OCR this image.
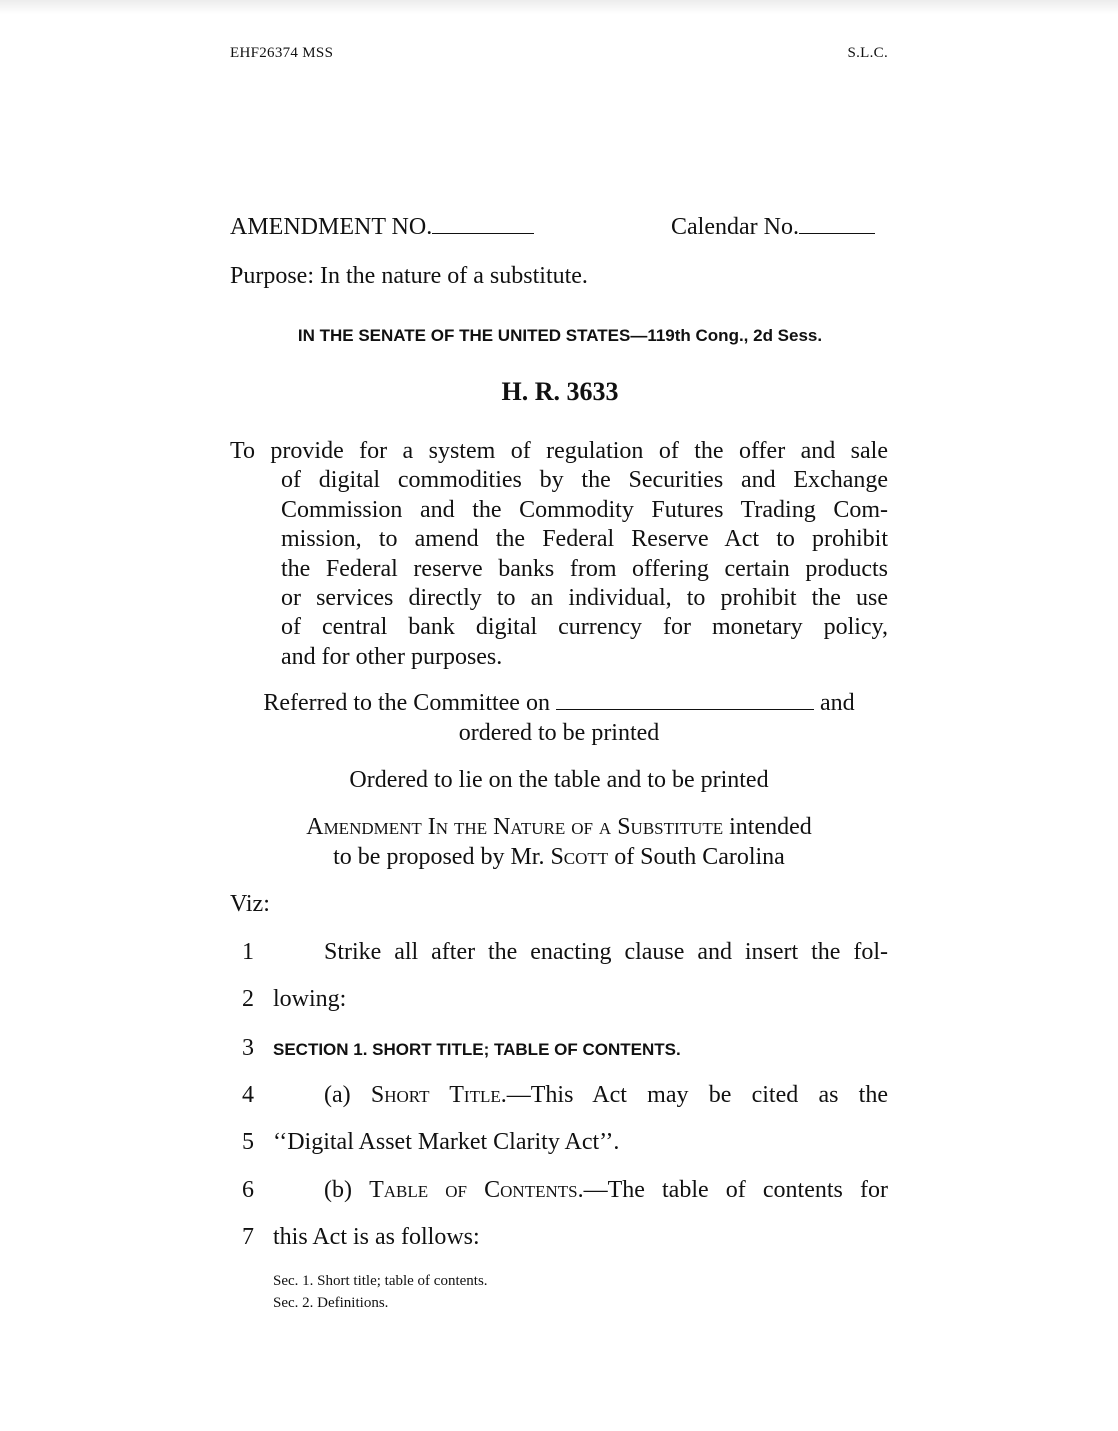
EHF26374 MSS	S.L.C.
AMENDMENT NO.	Calendar No.
Purpose: In the nature of a substitute.
IN THE SENATE OF THE UNITED STATES—119th Cong., 2d Sess.
H. R. 3633
To provide for a system of regulation of the offer and sale
of digital commodities by the Securities and Exchange
Commission and the Commodity Futures Trading Com-
mission, to amend the Federal Reserve Act to prohibit
the Federal reserve banks from offering certain products
or services directly to an individual, to prohibit the use
of central bank digital currency for monetary policy,
and for other purposes.
Referred to the Committee on	and
ordered to be printed
Ordered to lie on the table and to be printed
Amendment In the Nature of a Substitute intended
to be proposed by Mr. Scott of South Carolina
Viz:
1	Strike all after the enacting clause and insert the fol-
2 lowing:
3 SECTION 1. SHORT TITLE; TABLE OF CONTENTS.
4	(a) Short Title.—This Act may be cited as the
5 ‘‘Digital Asset Market Clarity Act’’.
6	(b) Table of Contents.—The table of contents for
7 this Act is as follows:
Sec. 1. Short title; table of contents.
Sec. 2. Definitions.
